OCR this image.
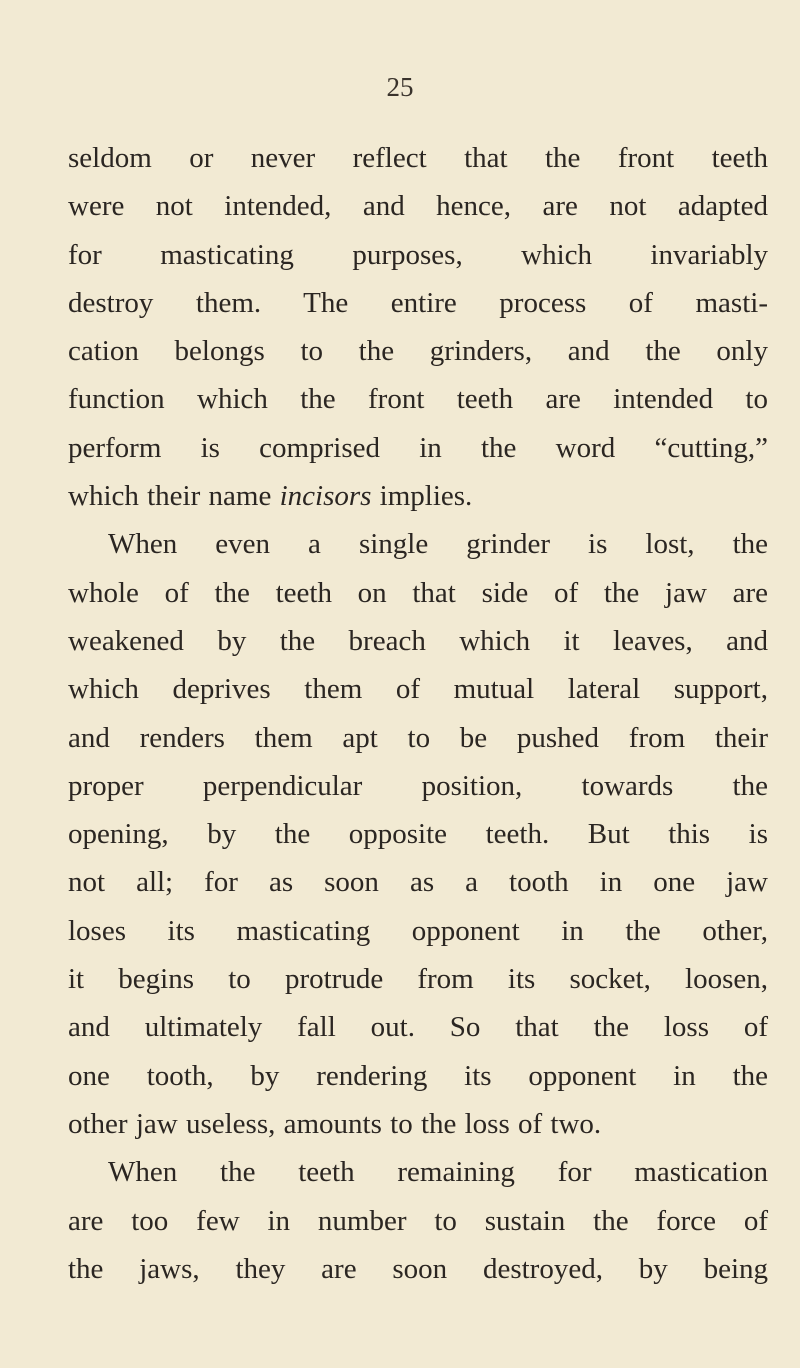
25
seldom or never reflect that the front teeth
were not intended, and hence, are not adapted
for masticating purposes, which invariably
destroy them. The entire process of masti-
cation belongs to the grinders, and the only
function which the front teeth are intended to
perform is comprised in the word “cutting,”
which their name incisors implies.
When even a single grinder is lost, the
whole of the teeth on that side of the jaw are
weakened by the breach which it leaves, and
which deprives them of mutual lateral support,
and renders them apt to be pushed from their
proper perpendicular position, towards the
opening, by the opposite teeth. But this is
not all; for as soon as a tooth in one jaw
loses its masticating opponent in the other,
it begins to protrude from its socket, loosen,
and ultimately fall out. So that the loss of
one tooth, by rendering its opponent in the
other jaw useless, amounts to the loss of two.
When the teeth remaining for mastication
are too few in number to sustain the force of
the jaws, they are soon destroyed, by being
